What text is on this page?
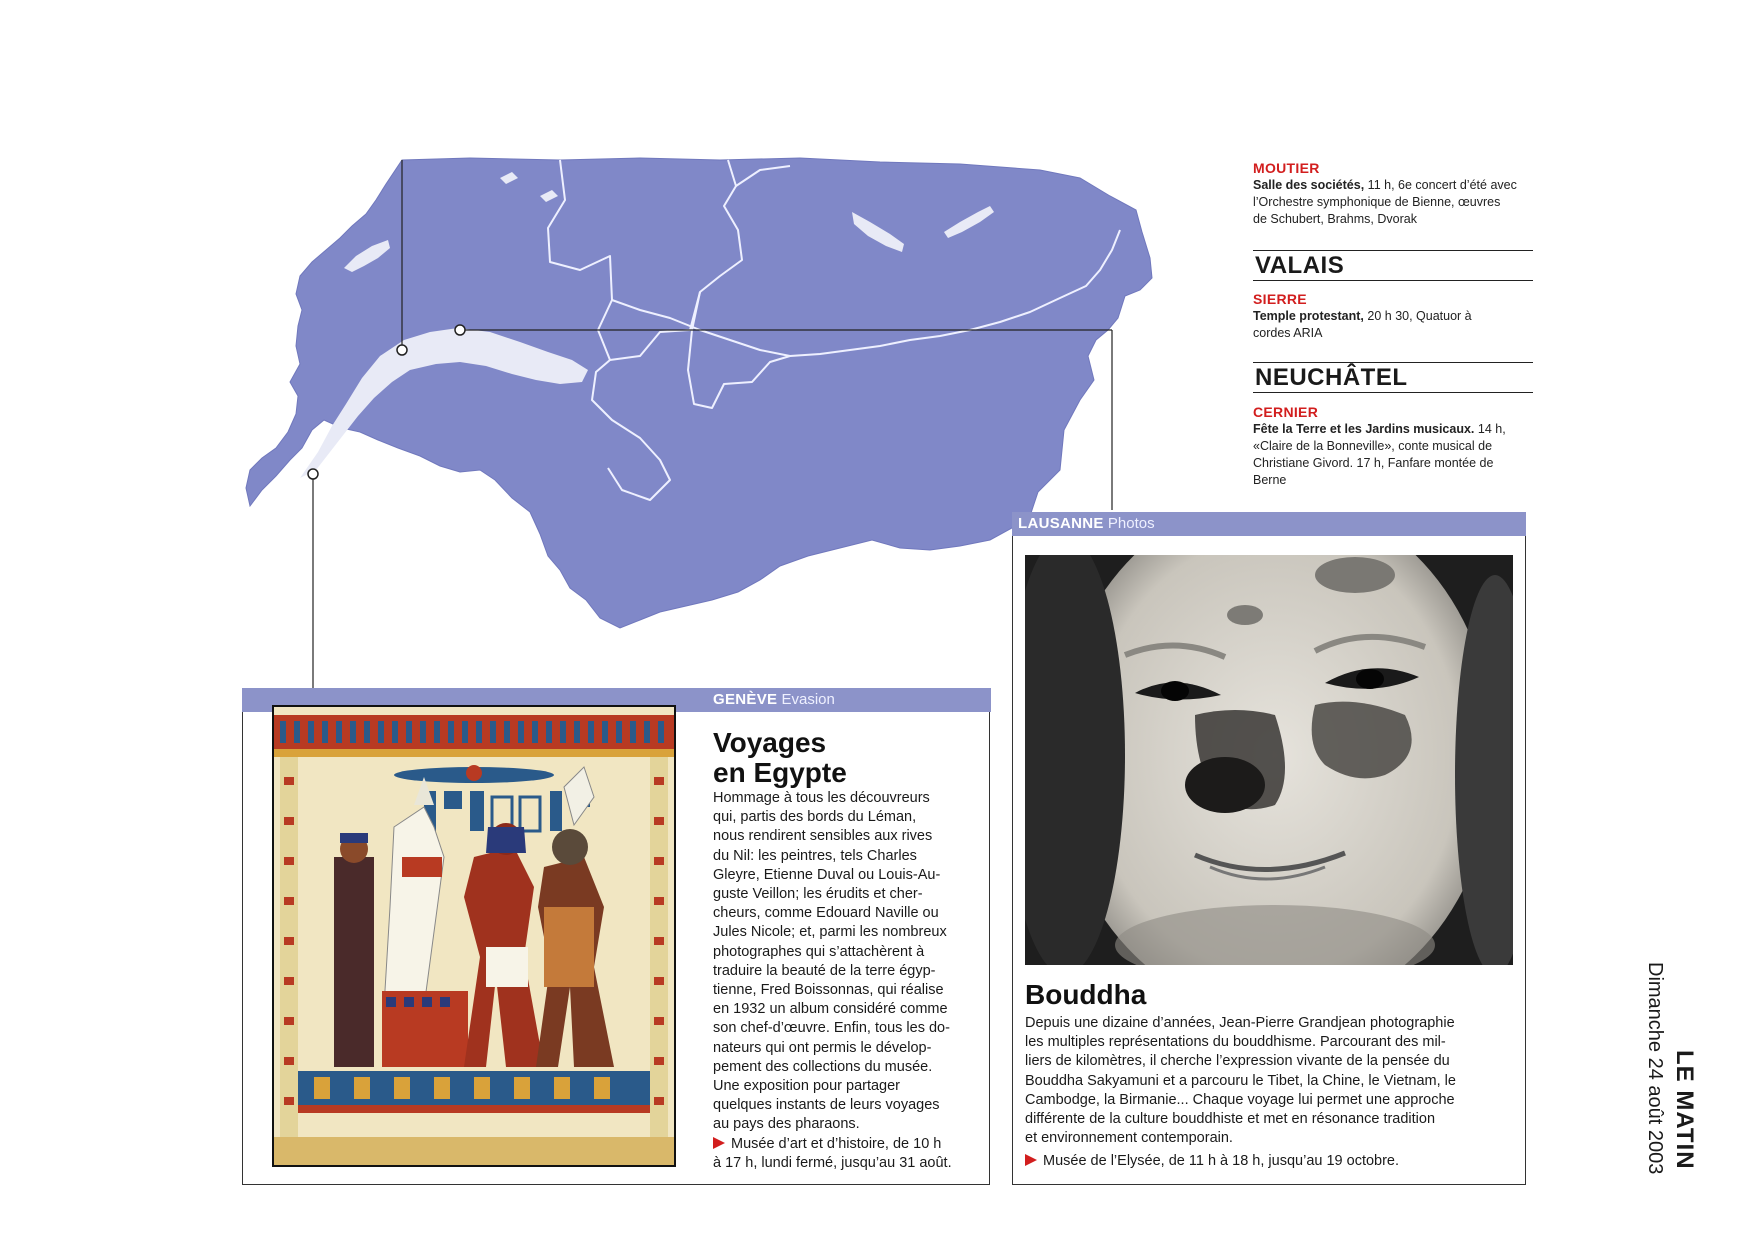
MOUTIER
Salle des sociétés, 11 h, 6e concert d’été avec
l’Orchestre symphonique de Bienne, œuvres
de Schubert, Brahms, Dvorak
VALAIS
SIERRE
Temple protestant, 20 h 30, Quatuor à
cordes ARIA
NEUCHÂTEL
CERNIER
Fête la Terre et les Jardins musicaux. 14 h,
«Claire de la Bonneville», conte musical de
Christiane Givord. 17 h, Fanfare montée de
Berne
LAUSANNE Photos
Bouddha
Depuis une dizaine d’années, Jean-Pierre Grandjean photographie
les multiples représentations du bouddhisme. Parcourant des mil-
liers de kilomètres, il cherche l’expression vivante de la pensée du
Bouddha Sakyamuni et a parcouru le Tibet, la Chine, le Vietnam, le
Cambodge, la Birmanie... Chaque voyage lui permet une approche
différente de la culture bouddhiste et met en résonance tradition
et environnement contemporain.
Musée de l’Elysée, de 11 h à 18 h, jusqu’au 19 octobre.
GENÈVE Evasion
Voyages
en Egypte
Hommage à tous les découvreurs
qui, partis des bords du Léman,
nous rendirent sensibles aux rives
du Nil: les peintres, tels Charles
Gleyre, Etienne Duval ou Louis-Au-
guste Veillon; les érudits et cher-
cheurs, comme Edouard Naville ou
Jules Nicole; et, parmi les nombreux
photographes qui s’attachèrent à
traduire la beauté de la terre égyp-
tienne, Fred Boissonnas, qui réalise
en 1932 un album considéré comme
son chef-d’œuvre. Enfin, tous les do-
nateurs qui ont permis le dévelop-
pement des collections du musée.
Une exposition pour partager
quelques instants de leurs voyages
au pays des pharaons.
Musée d’art et d’histoire, de 10 h
à 17 h, lundi fermé, jusqu’au 31 août.	Dimanche 24 août 2003 LE MATIN
